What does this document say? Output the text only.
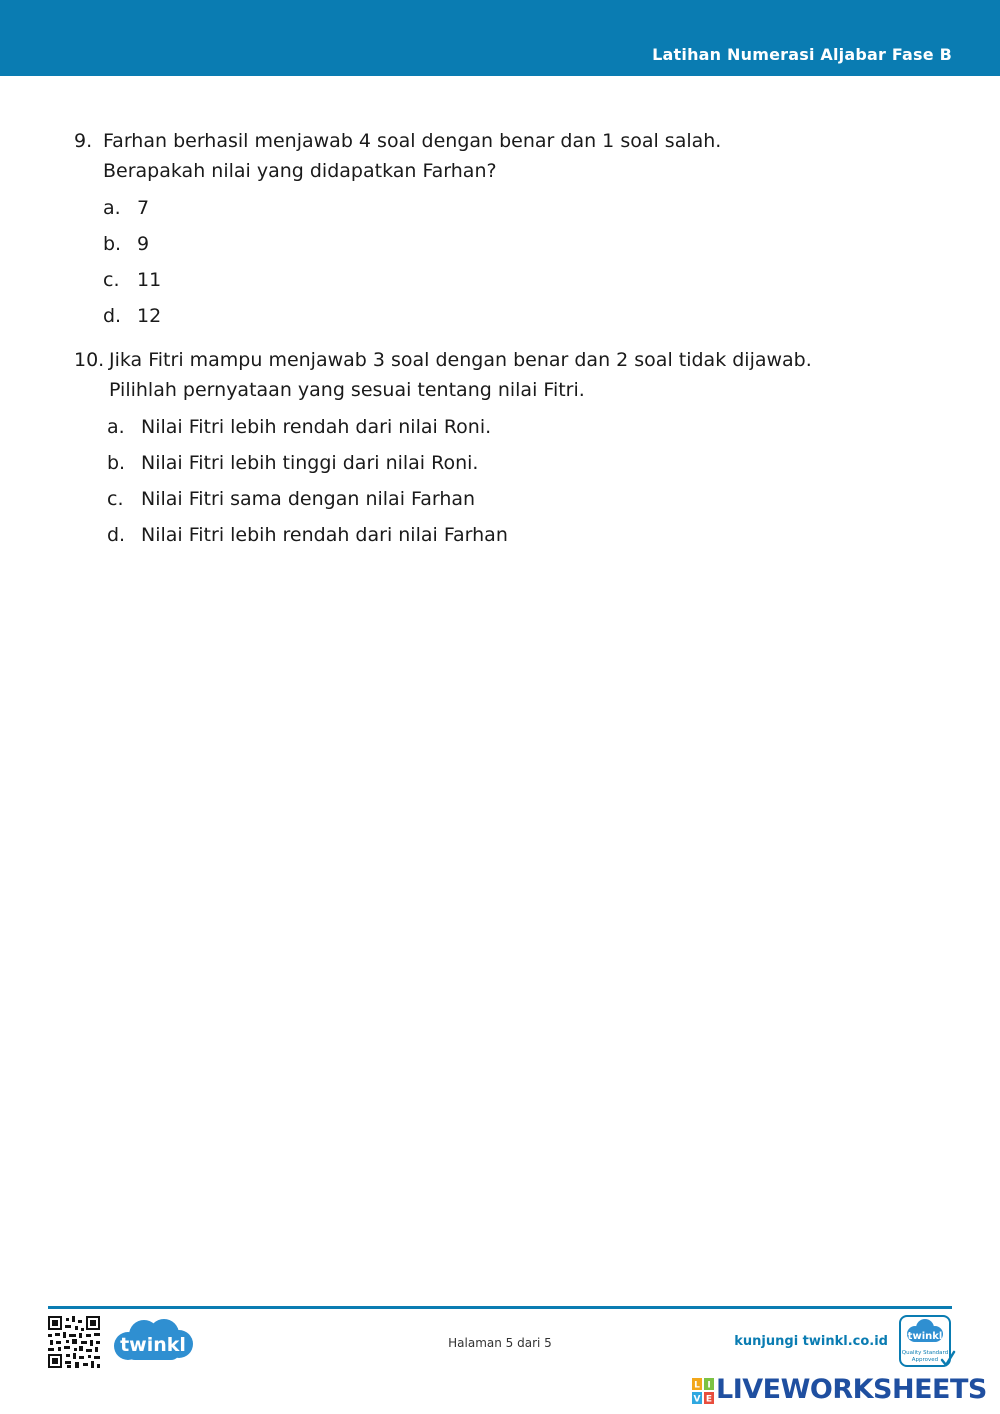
Latihan Numerasi Aljabar Fase B
9. Farhan berhasil menjawab 4 soal dengan benar dan 1 soal salah.
Berapakah nilai yang didapatkan Farhan?
a. 7
b. 9
c. 11
d. 12
10. Jika Fitri mampu menjawab 3 soal dengan benar dan 2 soal tidak dijawab.
Pilihlah pernyataan yang sesuai tentang nilai Fitri.
a. Nilai Fitri lebih rendah dari nilai Roni.
b. Nilai Fitri lebih tinggi dari nilai Roni.
c. Nilai Fitri sama dengan nilai Farhan
d. Nilai Fitri lebih rendah dari nilai Farhan
twinkl	Halaman 5 dari 5	kunjungi twinkl.co.id twinkl
Quality Standard
Approved
L I
V E LIVEWORKSHEETS
